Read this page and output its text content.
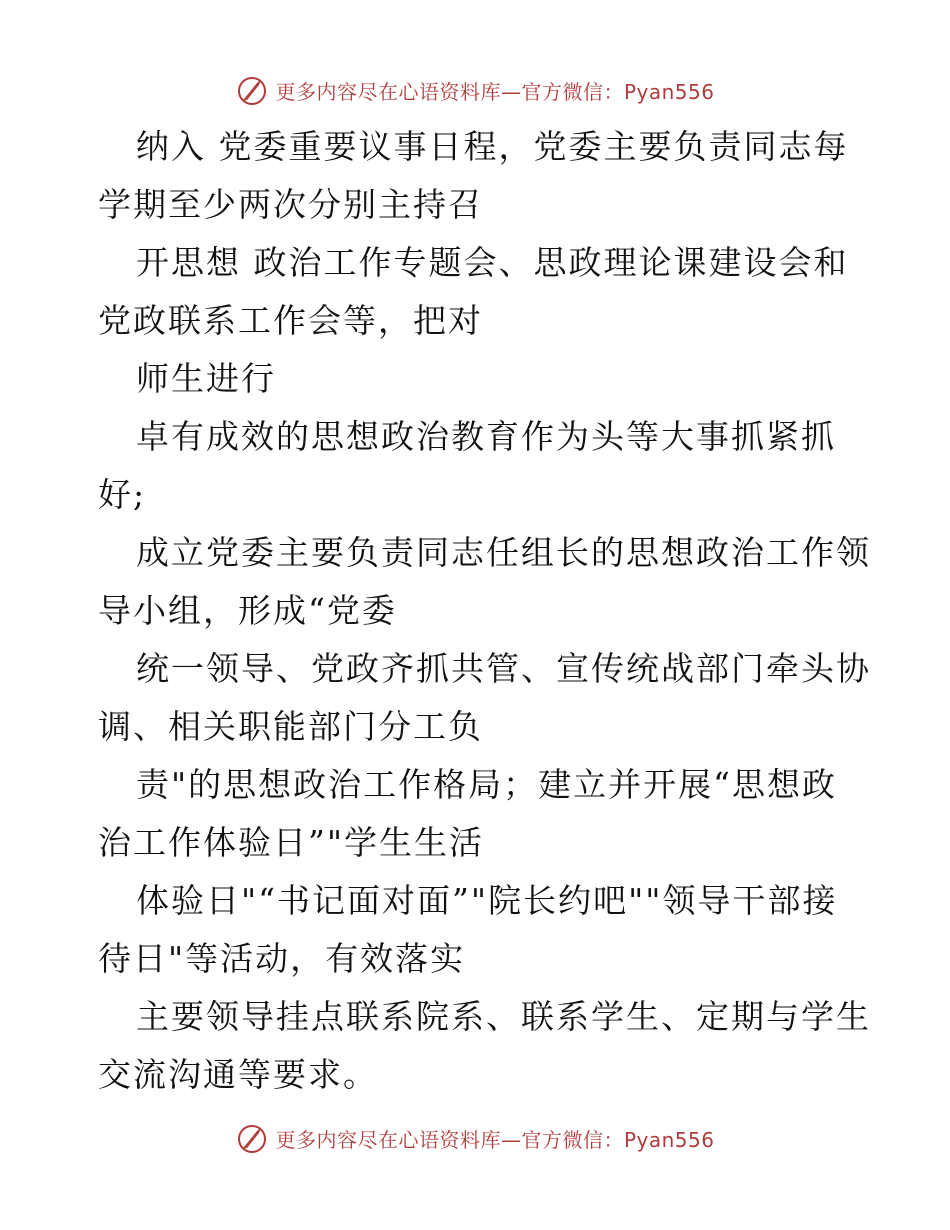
更多内容尽在心语资料库—官方微信：Pyan556

纳入 党委重要议事日程，党委主要负责同志每
学期至少两次分别主持召

开思想 政治工作专题会、思政理论课建设会和
党政联系工作会等，把对

师生进行

卓有成效的思想政治教育作为头等大事抓紧抓
好;

成立党委主要负责同志任组长的思想政治工作领
导小组，形成“党委

统一领导、党政齐抓共管、宣传统战部门牵头协
调、相关职能部门分工负

责"的思想政治工作格局；建立并开展“思想政
治工作体验日”"学生生活

体验日"“书记面对面”"院长约吧""领导干部接
待日"等活动，有效落实

主要领导挂点联系院系、联系学生、定期与学生
交流沟通等要求。

更多内容尽在心语资料库—官方微信：Pyan556
